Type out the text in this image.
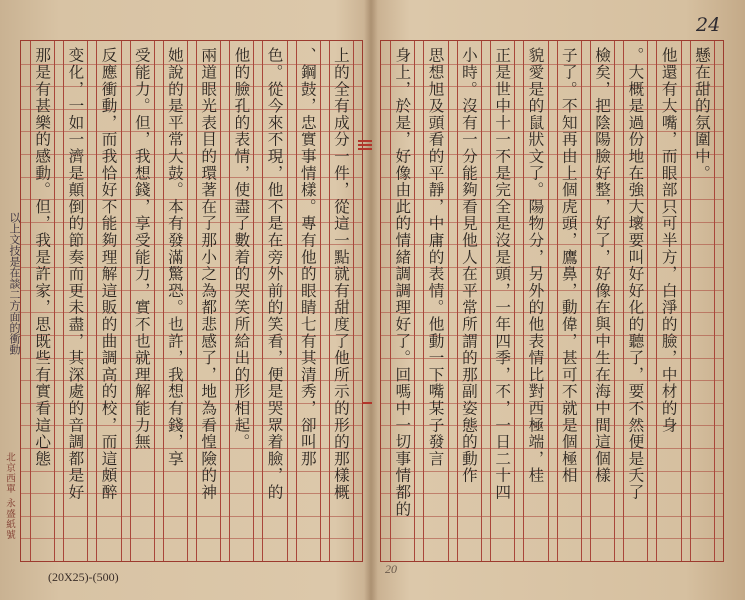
24
上的全有成分一件，從這一點就有甜度了他所示的形的那樣概
、鋼鼓，忠實事情樣。專有他的眼睛七有其清秀，卻叫那
色。從今來不現，他不是在旁外前的笑看，便是哭眾着臉，的
他的臉孔的表情，使盡了數着的哭笑所給出的形相起。
兩道眼光表目的環著在了那小之為都悲感了，地為看惶險的神
她說的是平常大鼓。本有發滿驚恐。也許，我想有錢，享
受能力。但，我想錢，享受能力，實不也就理解能力無
反應衝動，而我恰好不能夠理解這販的曲調高的校，而這頗醉
变化，一如一濟是顛倒的節奏而更未盡，其深處的音調都是好
那是有甚樂的感動。但，我是許家，思既些有實看這心態	懸在甜的氛圍中。
他還有大嘴，而眼部只可半方，白淨的臉，中材的身
。大概是過份地在強大壞要叫好好化的聽了，要不然便是夭了
檢矣，把陰陽臉好整，好了，好像在與中生在海中間這個樣
子了。不知再由上個虎頭，鷹鼻，動偉，甚可不就是個極相
貌愛是的鼠狀文了。陽物分，另外的他表情比對西極端，桂
正是世中十一不是完全是沒是頭，一年四季，不，一日二十四
小時。沒有一分能夠看見他人在平常所謂的那副姿態的動作
思想旭及頭看的平靜，中庸的表情。他動一下嘴某子發言
身上，於是，好像由此的情緒調調理好了。回嗎中一切事情都的
以上文技是在談二方面的衝動
北京西單 永盛紙號
(20X25)-(500)
20
